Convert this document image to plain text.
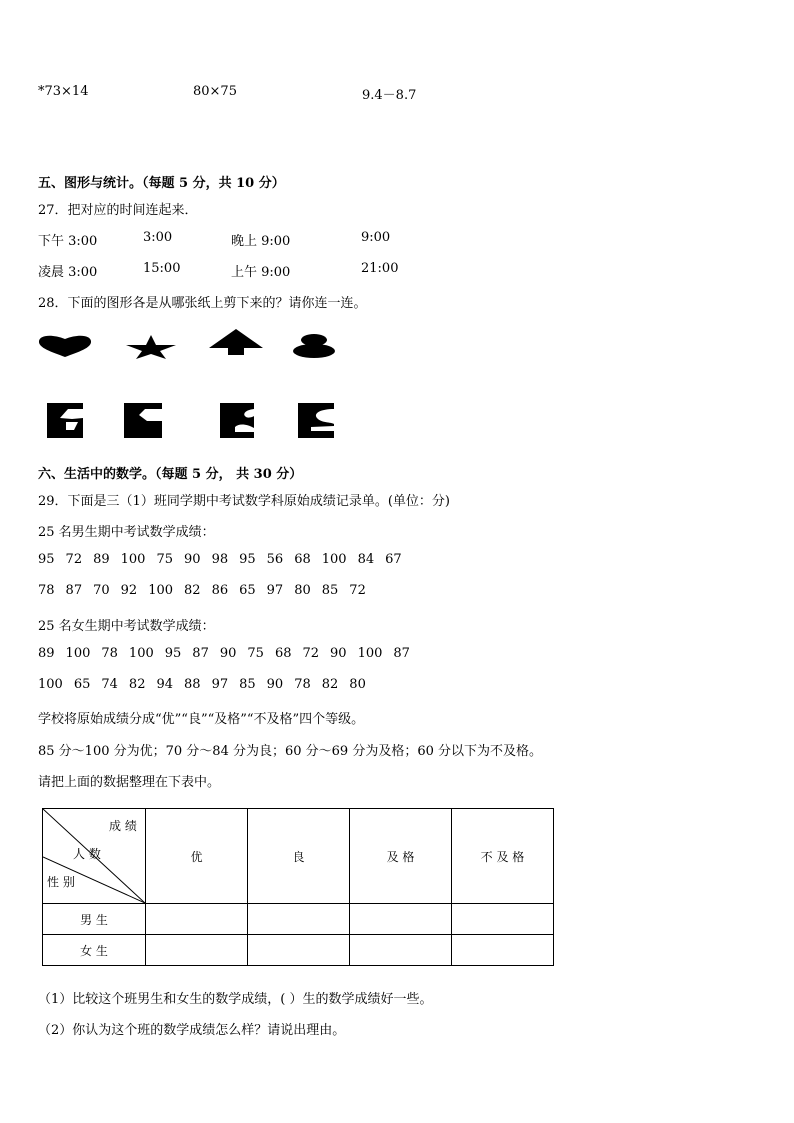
*73×14	80×75	9.4－8.7
五、图形与统计。（每题 5 分，共 10 分）
27．把对应的时间连起来．
下午 3:00	3:00	晚上 9:00	9:00
凌晨 3:00	15:00	上午 9:00	21:00
28．下面的图形各是从哪张纸上剪下来的？请你连一连。
六、生活中的数学。（每题 5 分， 共 30 分）
29．下面是三（1）班同学期中考试数学科原始成绩记录单。(单位：分)
25 名男生期中考试数学成绩：
95 72 89 100 75 90 98 95 56 68 100 84 67
78 87 70 92 100 82 86 65 97 80 85 72
25 名女生期中考试数学成绩：
89 100 78 100 95 87 90 75 68 72 90 100 87
100 65 74 82 94 88 97 85 90 78 82 80
学校将原始成绩分成“优”“良”“及格”“不及格”四个等级。
85 分～100 分为优；70 分～84 分为良；60 分～69 分为及格；60 分以下为不及格。
请把上面的数据整理在下表中。
成 绩
人 数
性 别	优	良	及 格	不 及 格
男 生				
女 生				
（1）比较这个班男生和女生的数学成绩，( ）生的数学成绩好一些。
（2）你认为这个班的数学成绩怎么样？请说出理由。
